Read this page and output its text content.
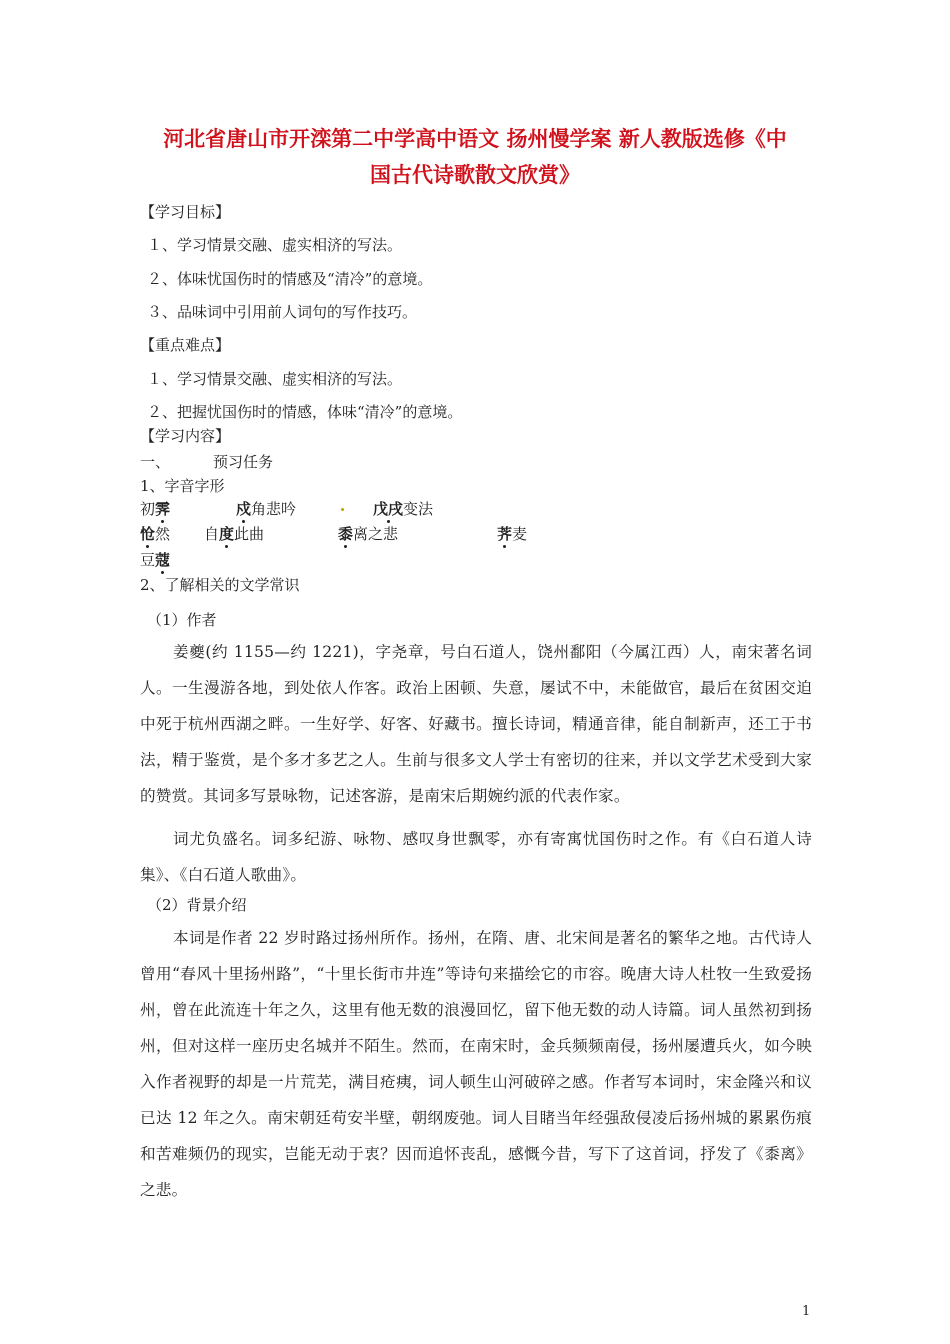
河北省唐山市开滦第二中学高中语文 扬州慢学案 新人教版选修《中
国古代诗歌散文欣赏》
【学习目标】
１、学习情景交融、虚实相济的写法。
２、体味忧国伤时的情感及“清冷”的意境。
３、品味词中引用前人词句的写作技巧。
【重点难点】
１、学习情景交融、虚实相济的写法。
２、把握忧国伤时的情感，体味“清冷”的意境。
【学习内容】
一、	预习任务
1、字音字形
初霁	戍角悲吟	戊戌变法
怆然 自度此曲	黍离之悲	荠麦
豆蔻
2、了解相关的文学常识
（1）作者
姜夔(约 1155—约 1221)，字尧章，号白石道人，饶州鄱阳（今属江西）人，南宋著名词人。一生漫游各地，到处依人作客。政治上困顿、失意，屡试不中，未能做官，最后在贫困交迫中死于杭州西湖之畔。一生好学、好客、好藏书。擅长诗词，精通音律，能自制新声，还工于书法，精于鉴赏，是个多才多艺之人。生前与很多文人学士有密切的往来，并以文学艺术受到大家的赞赏。其词多写景咏物，记述客游，是南宋后期婉约派的代表作家。
词尤负盛名。词多纪游、咏物、感叹身世飘零，亦有寄寓忧国伤时之作。有《白石道人诗集》、《白石道人歌曲》。
（2）背景介绍
本词是作者 22 岁时路过扬州所作。扬州，在隋、唐、北宋间是著名的繁华之地。古代诗人曾用“春风十里扬州路”，“十里长街市井连”等诗句来描绘它的市容。晚唐大诗人杜牧一生致爱扬州，曾在此流连十年之久，这里有他无数的浪漫回忆，留下他无数的动人诗篇。词人虽然初到扬州，但对这样一座历史名城并不陌生。然而，在南宋时，金兵频频南侵，扬州屡遭兵火，如今映入作者视野的却是一片荒芜，满目疮痍，词人顿生山河破碎之感。作者写本词时，宋金隆兴和议已达 12 年之久。南宋朝廷苟安半壁，朝纲废弛。词人目睹当年经强敌侵凌后扬州城的累累伤痕和苦难频仍的现实，岂能无动于衷？因而追怀丧乱，感慨今昔，写下了这首词，抒发了《黍离》之悲。
1
